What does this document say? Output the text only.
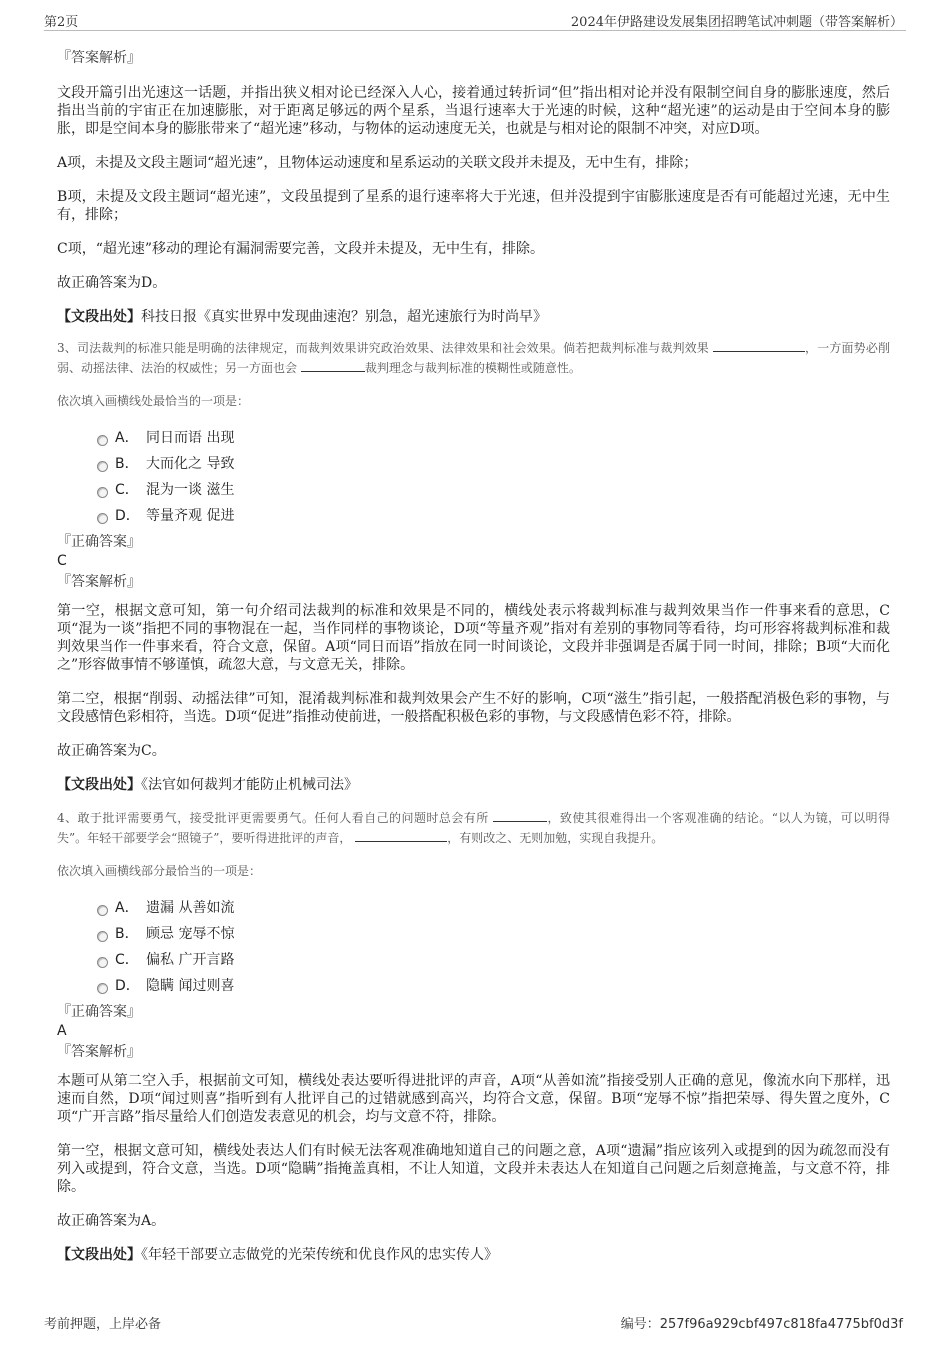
第2页	2024年伊路建设发展集团招聘笔试冲刺题（带答案解析）
『答案解析』
文段开篇引出光速这一话题，并指出狭义相对论已经深入人心，接着通过转折词“但”指出相对论并没有限制空间自身的膨胀速度，然后指出当前的宇宙正在加速膨胀，对于距离足够远的两个星系，当退行速率大于光速的时候，这种“超光速”的运动是由于空间本身的膨胀，即是空间本身的膨胀带来了“超光速”移动，与物体的运动速度无关，也就是与相对论的限制不冲突，对应D项。
A项，未提及文段主题词“超光速”，且物体运动速度和星系运动的关联文段并未提及，无中生有，排除；
B项，未提及文段主题词“超光速”，文段虽提到了星系的退行速率将大于光速，但并没提到宇宙膨胀速度是否有可能超过光速，无中生有，排除；
C项，“超光速”移动的理论有漏洞需要完善，文段并未提及，无中生有，排除。
故正确答案为D。
【文段出处】科技日报《真实世界中发现曲速泡？别急，超光速旅行为时尚早》
3、司法裁判的标准只能是明确的法律规定，而裁判效果讲究政治效果、法律效果和社会效果。倘若把裁判标准与裁判效果	，一方面势必削弱、动摇法律、法治的权威性；另一方面也会	裁判理念与裁判标准的模糊性或随意性。
依次填入画横线处最恰当的一项是：
A． 同日而语 出现
B． 大而化之 导致
C． 混为一谈 滋生
D． 等量齐观 促进
『正确答案』
C
『答案解析』
第一空，根据文意可知，第一句介绍司法裁判的标准和效果是不同的，横线处表示将裁判标准与裁判效果当作一件事来看的意思，C项“混为一谈”指把不同的事物混在一起，当作同样的事物谈论，D项“等量齐观”指对有差别的事物同等看待，均可形容将裁判标准和裁判效果当作一件事来看，符合文意，保留。A项“同日而语”指放在同一时间谈论，文段并非强调是否属于同一时间，排除；B项“大而化之”形容做事情不够谨慎，疏忽大意，与文意无关，排除。
第二空，根据“削弱、动摇法律”可知，混淆裁判标准和裁判效果会产生不好的影响，C项“滋生”指引起，一般搭配消极色彩的事物，与文段感情色彩相符，当选。D项“促进”指推动使前进，一般搭配积极色彩的事物，与文段感情色彩不符，排除。
故正确答案为C。
【文段出处】《法官如何裁判才能防止机械司法》
4、敢于批评需要勇气，接受批评更需要勇气。任何人看自己的问题时总会有所	，致使其很难得出一个客观准确的结论。“以人为镜，可以明得失”。年轻干部要学会“照镜子”，要听得进批评的声音，	，有则改之、无则加勉，实现自我提升。
依次填入画横线部分最恰当的一项是：
A． 遗漏 从善如流
B． 顾忌 宠辱不惊
C． 偏私 广开言路
D． 隐瞒 闻过则喜
『正确答案』
A
『答案解析』
本题可从第二空入手，根据前文可知，横线处表达要听得进批评的声音，A项“从善如流”指接受别人正确的意见，像流水向下那样，迅速而自然，D项“闻过则喜”指听到有人批评自己的过错就感到高兴，均符合文意，保留。B项“宠辱不惊”指把荣辱、得失置之度外，C项“广开言路”指尽量给人们创造发表意见的机会，均与文意不符，排除。
第一空，根据文意可知，横线处表达人们有时候无法客观准确地知道自己的问题之意，A项“遗漏”指应该列入或提到的因为疏忽而没有列入或提到，符合文意，当选。D项“隐瞒”指掩盖真相，不让人知道，文段并未表达人在知道自己问题之后刻意掩盖，与文意不符，排除。
故正确答案为A。
【文段出处】《年轻干部要立志做党的光荣传统和优良作风的忠实传人》
考前押题，上岸必备	编号：257f96a929cbf497c818fa4775bf0d3f
